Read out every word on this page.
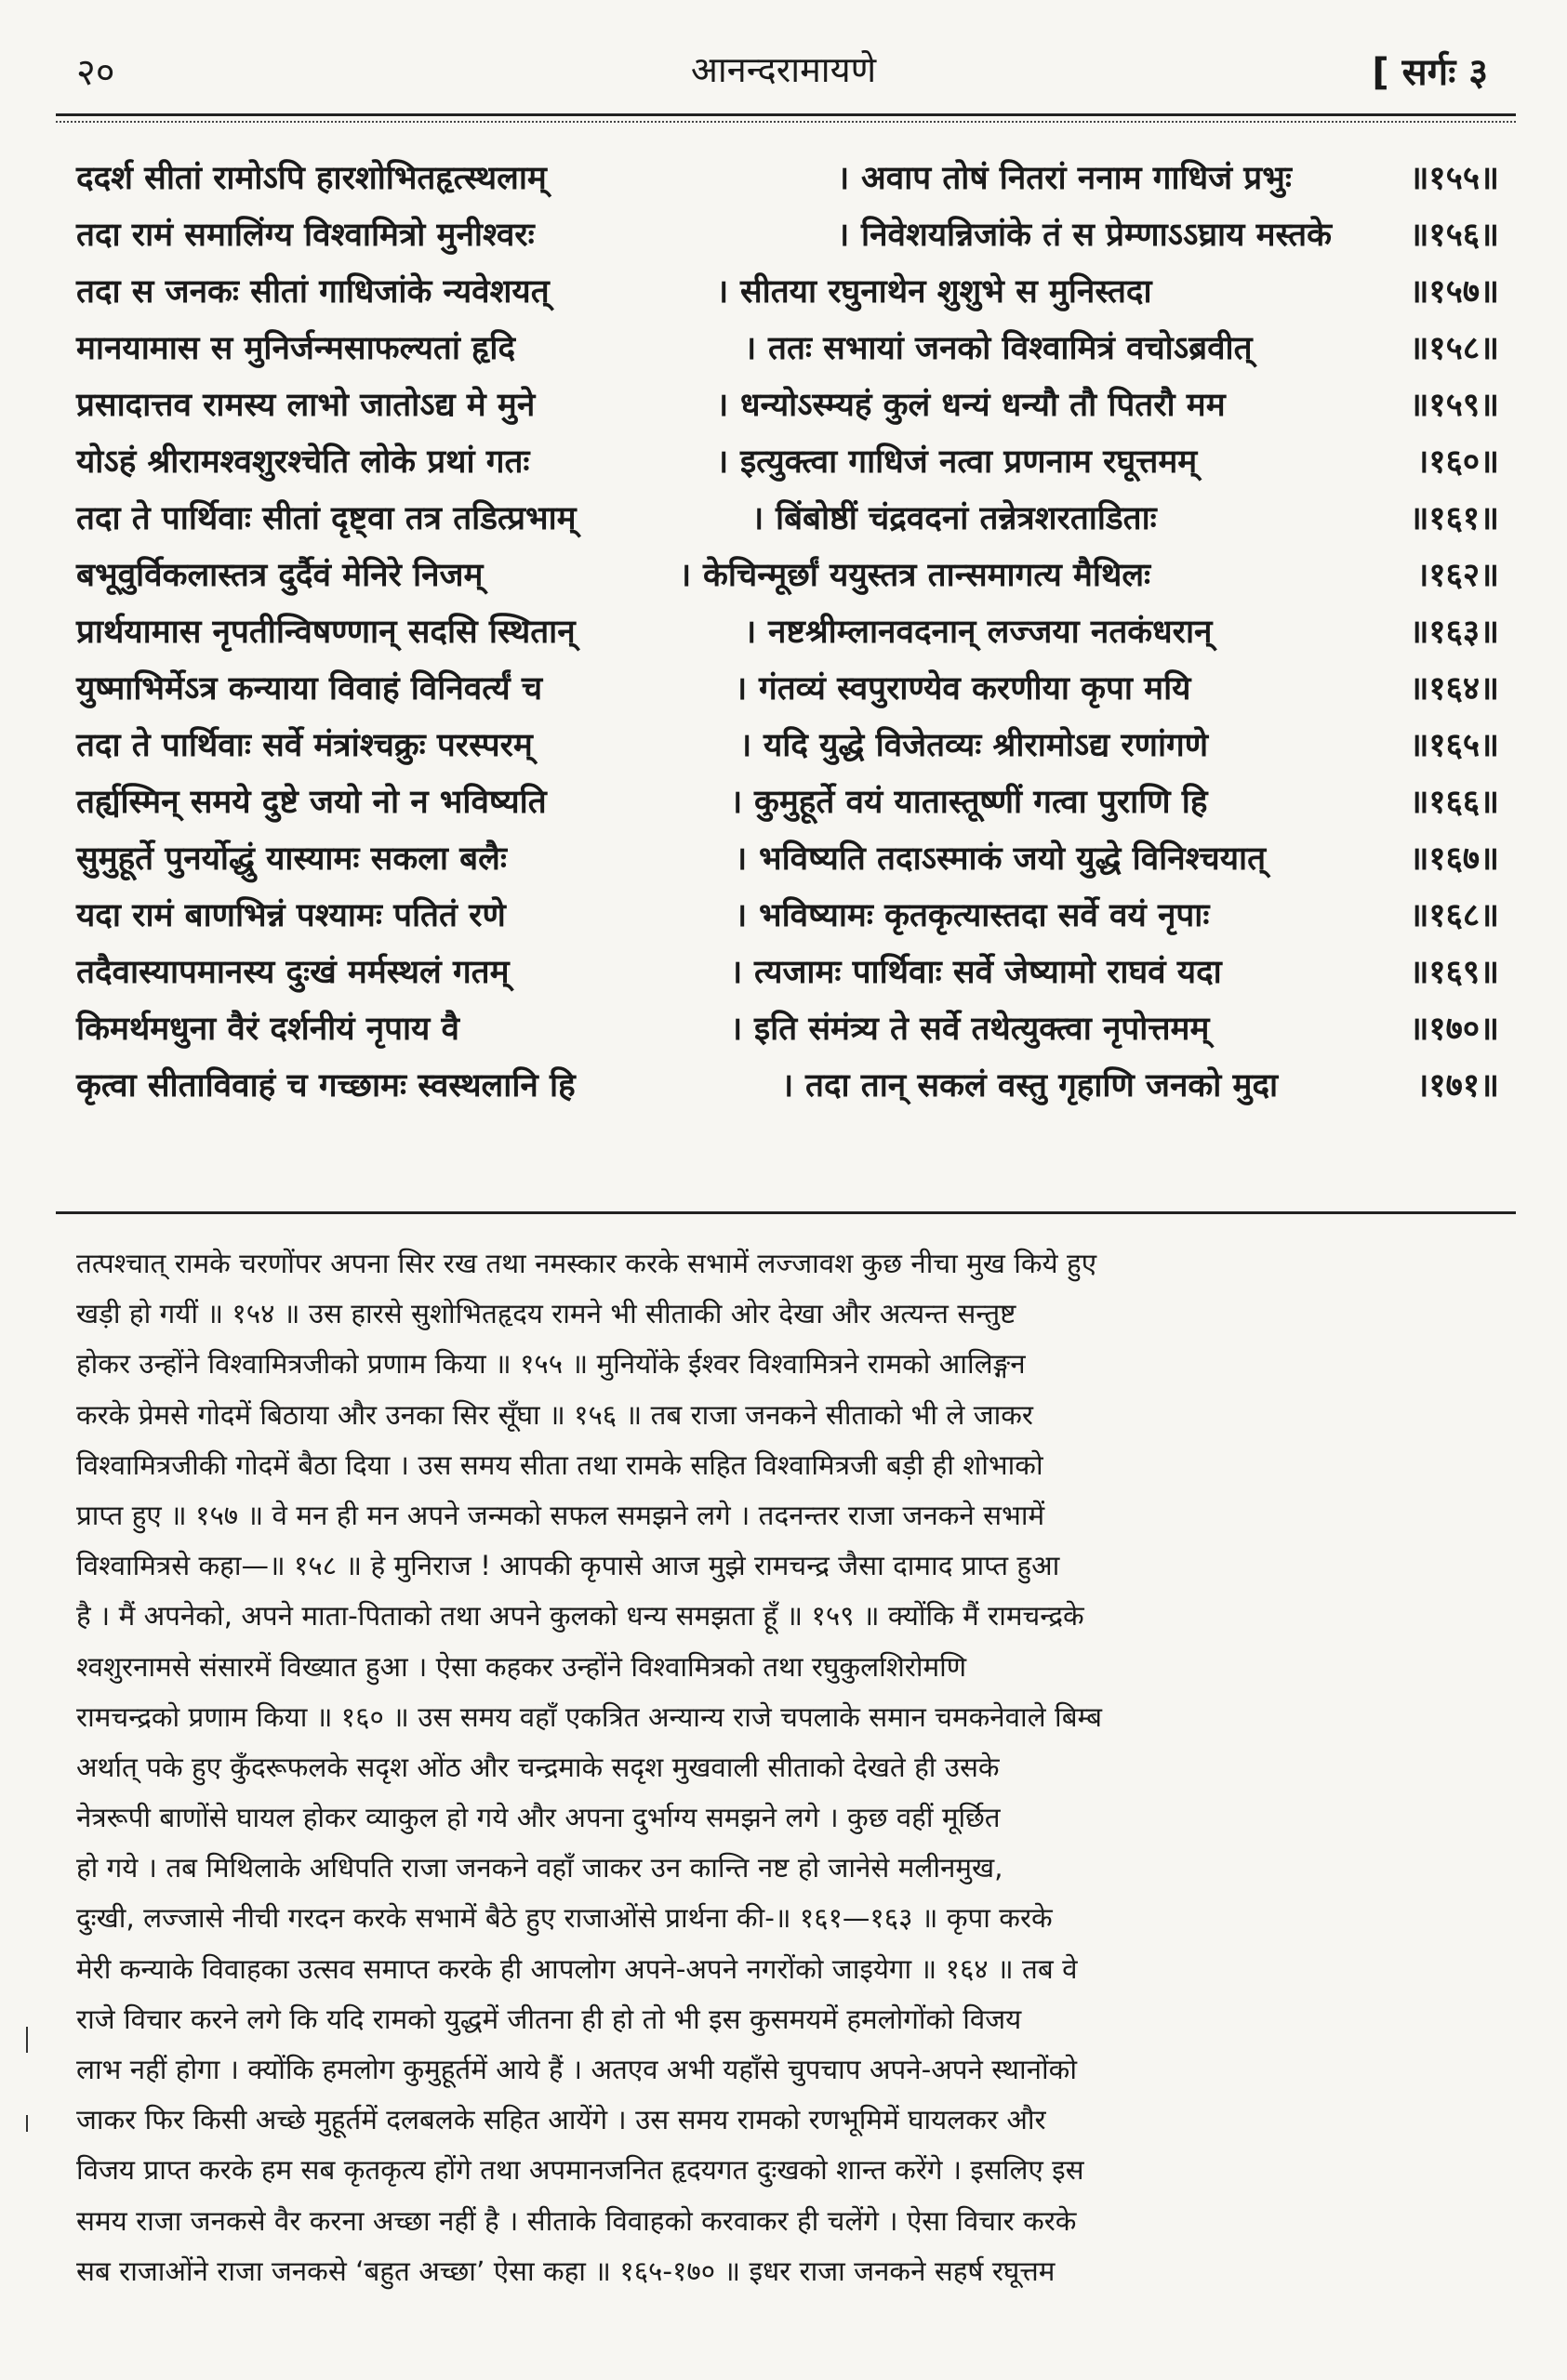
२०	आनन्दरामायणे	[ सर्गः ३
ददर्श सीतां रामोऽपि हारशोभितहृत्स्थलाम्	। अवाप तोषं नितरां ननाम गाधिजं प्रभुः	॥१५५॥
तदा रामं समालिंग्य विश्वामित्रो मुनीश्वरः	। निवेशयन्निजांके तं स प्रेम्णाऽऽघ्राय मस्तके ॥१५६॥
तदा स जनकः सीतां गाधिजांके न्यवेशयत्	। सीतया रघुनाथेन शुशुभे स मुनिस्तदा	॥१५७॥
मानयामास स मुनिर्जन्मसाफल्यतां हृदि	। ततः सभायां जनको विश्वामित्रं वचोऽब्रवीत्	॥१५८॥
प्रसादात्तव रामस्य लाभो जातोऽद्य मे मुने	। धन्योऽस्म्यहं कुलं धन्यं धन्यौ तौ पितरौ मम	॥१५९॥
योऽहं श्रीरामश्वशुरश्चेति लोके प्रथां गतः	। इत्युक्त्वा गाधिजं नत्वा प्रणनाम रघूत्तमम्	।१६०॥
तदा ते पार्थिवाः सीतां दृष्ट्वा तत्र तडित्प्रभाम्	। बिंबोष्ठीं चंद्रवदनां तन्नेत्रशरताडिताः	॥१६१॥
बभूवुर्विकलास्तत्र दुर्दैवं मेनिरे निजम्	। केचिन्मूर्छां ययुस्तत्र तान्समागत्य मैथिलः	।१६२॥
प्रार्थयामास नृपतीन्विषण्णान् सदसि स्थितान्	। नष्टश्रीम्लानवदनान् लज्जया नतकंधरान्	॥१६३॥
युष्माभिर्मेऽत्र कन्याया विवाहं विनिवर्त्यं च	। गंतव्यं स्वपुराण्येव करणीया कृपा मयि	॥१६४॥
तदा ते पार्थिवाः सर्वे मंत्रांश्चक्रुः परस्परम्	। यदि युद्धे विजेतव्यः श्रीरामोऽद्य रणांगणे	॥१६५॥
तर्ह्यस्मिन् समये दुष्टे जयो नो न भविष्यति	। कुमुहूर्ते वयं यातास्तूष्णीं गत्वा पुराणि हि	॥१६६॥
सुमुहूर्ते पुनर्योद्धुं यास्यामः सकला बलैः	। भविष्यति तदाऽस्माकं जयो युद्धे विनिश्चयात्	॥१६७॥
यदा रामं बाणभिन्नं पश्यामः पतितं रणे	। भविष्यामः कृतकृत्यास्तदा सर्वे वयं नृपाः	॥१६८॥
तदैवास्यापमानस्य दुःखं मर्मस्थलं गतम्	। त्यजामः पार्थिवाः सर्वे जेष्यामो राघवं यदा	॥१६९॥
किमर्थमधुना वैरं दर्शनीयं नृपाय वै	। इति संमंत्र्य ते सर्वे तथेत्युक्त्वा नृपोत्तमम्	॥१७०॥
कृत्वा सीताविवाहं च गच्छामः स्वस्थलानि हि	। तदा तान् सकलं वस्तु गृहाणि जनको मुदा	।१७१॥
तत्पश्चात् रामके चरणोंपर अपना सिर रख तथा नमस्कार करके सभामें लज्जावश कुछ नीचा मुख किये हुए
खड़ी हो गयीं ॥ १५४ ॥ उस हारसे सुशोभितहृदय रामने भी सीताकी ओर देखा और अत्यन्त सन्तुष्ट
होकर उन्होंने विश्वामित्रजीको प्रणाम किया ॥ १५५ ॥ मुनियोंके ईश्वर विश्वामित्रने रामको आलिङ्गन
करके प्रेमसे गोदमें बिठाया और उनका सिर सूँघा ॥ १५६ ॥ तब राजा जनकने सीताको भी ले जाकर
विश्वामित्रजीकी गोदमें बैठा दिया । उस समय सीता तथा रामके सहित विश्वामित्रजी बड़ी ही शोभाको
प्राप्त हुए ॥ १५७ ॥ वे मन ही मन अपने जन्मको सफल समझने लगे । तदनन्तर राजा जनकने सभामें
विश्वामित्रसे कहा—॥ १५८ ॥ हे मुनिराज ! आपकी कृपासे आज मुझे रामचन्द्र जैसा दामाद प्राप्त हुआ
है । मैं अपनेको, अपने माता-पिताको तथा अपने कुलको धन्य समझता हूँ ॥ १५९ ॥ क्योंकि मैं रामचन्द्रके
श्वशुरनामसे संसारमें विख्यात हुआ । ऐसा कहकर उन्होंने विश्वामित्रको तथा रघुकुलशिरोमणि
रामचन्द्रको प्रणाम किया ॥ १६० ॥ उस समय वहाँ एकत्रित अन्यान्य राजे चपलाके समान चमकनेवाले बिम्ब
अर्थात् पके हुए कुँदरूफलके सदृश ओंठ और चन्द्रमाके सदृश मुखवाली सीताको देखते ही उसके
नेत्ररूपी बाणोंसे घायल होकर व्याकुल हो गये और अपना दुर्भाग्य समझने लगे । कुछ वहीं मूर्छित
हो गये । तब मिथिलाके अधिपति राजा जनकने वहाँ जाकर उन कान्ति नष्ट हो जानेसे मलीनमुख,
दुःखी, लज्जासे नीची गरदन करके सभामें बैठे हुए राजाओंसे प्रार्थना की-॥ १६१—१६३ ॥ कृपा करके
मेरी कन्याके विवाहका उत्सव समाप्त करके ही आपलोग अपने-अपने नगरोंको जाइयेगा ॥ १६४ ॥ तब वे
राजे विचार करने लगे कि यदि रामको युद्धमें जीतना ही हो तो भी इस कुसमयमें हमलोगोंको विजय
लाभ नहीं होगा । क्योंकि हमलोग कुमुहूर्तमें आये हैं । अतएव अभी यहाँसे चुपचाप अपने-अपने स्थानोंको
जाकर फिर किसी अच्छे मुहूर्तमें दलबलके सहित आयेंगे । उस समय रामको रणभूमिमें घायलकर और
विजय प्राप्त करके हम सब कृतकृत्य होंगे तथा अपमानजनित हृदयगत दुःखको शान्त करेंगे । इसलिए इस
समय राजा जनकसे वैर करना अच्छा नहीं है । सीताके विवाहको करवाकर ही चलेंगे । ऐसा विचार करके
सब राजाओंने राजा जनकसे ‘बहुत अच्छा’ ऐसा कहा ॥ १६५-१७० ॥ इधर राजा जनकने सहर्ष रघूत्तम
